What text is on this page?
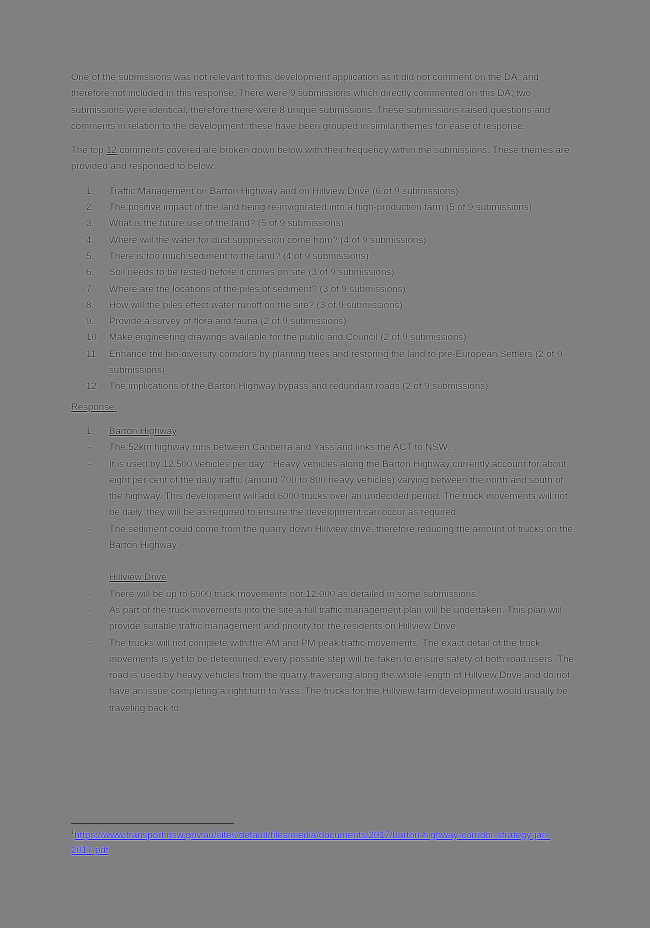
One of the submissions was not relevant to this development application as it did not comment on the DA, and therefore not included in this response. There were 9 submissions which directly commented on this DA, two submissions were identical, therefore there were 8 unique submissions. These submissions raised questions and comments in relation to the development; these have been grouped in similar themes for ease of response.

The top 12 comments covered are broken down below with their frequency within the submissions. These themes are provided and responded to below.

1.	Traffic Management on Barton Highway and on Hillview Drive (6 of 9 submissions)
2.	The positive impact of the land being re-invigorated into a high-production farm (5 of 9 submissions)
3.	What is the future use of the land? (5 of 9 submissions)
4.	Where will the water for dust suppression come from? (4 of 9 submissions)
5.	There is too much sediment to the land? (4 of 9 submissions)
6.	Soil needs to be tested before it comes on site (3 of 9 submissions)
7.	Where are the locations of the piles of sediment? (3 of 9 submissions)
8.	How will the piles effect water runoff on the site? (3 of 9 submissions)
9.	Provide a survey of flora and fauna (2 of 9 submissions)
10.	Make engineering drawings available for the public and Council (2 of 9 submissions)
11.	Enhance the bio-diversity corridors by planting trees and restoring the land to pre-European Settlers (2 of 9 submissions)
12.	The implications of the Barton Highway bypass and redundant roads (2 of 9 submissions)

Response:

1. Barton Highway
- The 52km highway runs between Canberra and Yass and links the ACT to NSW.
- It is used by 12,500 vehicles per day$^1$. Heavy vehicles along the Barton Highway currently account for about eight per cent of the daily traffic (around 700 to 800 heavy vehicles) varying between the north and south of the highway. This development will add 6000 trucks over an undecided period. The truck movements will not be daily, they will be as required to ensure the development can occur as required.
- The sediment could come from the quarry down Hillview drive, therefore reducing the amount of trucks on the Barton Highway.
Hillview Drive
- There will be up to 6000 truck movements not 12,000 as detailed in some submissions.
- As part of the truck movements into the site a full traffic management plan will be undertaken. This plan will provide suitable traffic management and priority for the residents on Hillview Drive.
- The trucks will not complete with the AM and PM peak traffic movements. The exact detail of the truck movements is yet to be determined, every possible step will be taken to ensure safety of both road users. The road is used by heavy vehicles from the quarry traversing along the whole length of Hillview Drive and do not have an issue completing a right turn to Yass. The trucks for the Hillview farm development would usually be traveling back to
$^1$https://www.transport.nsw.gov.au/sites/default/files/media/documents/2017/barton-highway-corridor-strategy-jan-2017.pdf
